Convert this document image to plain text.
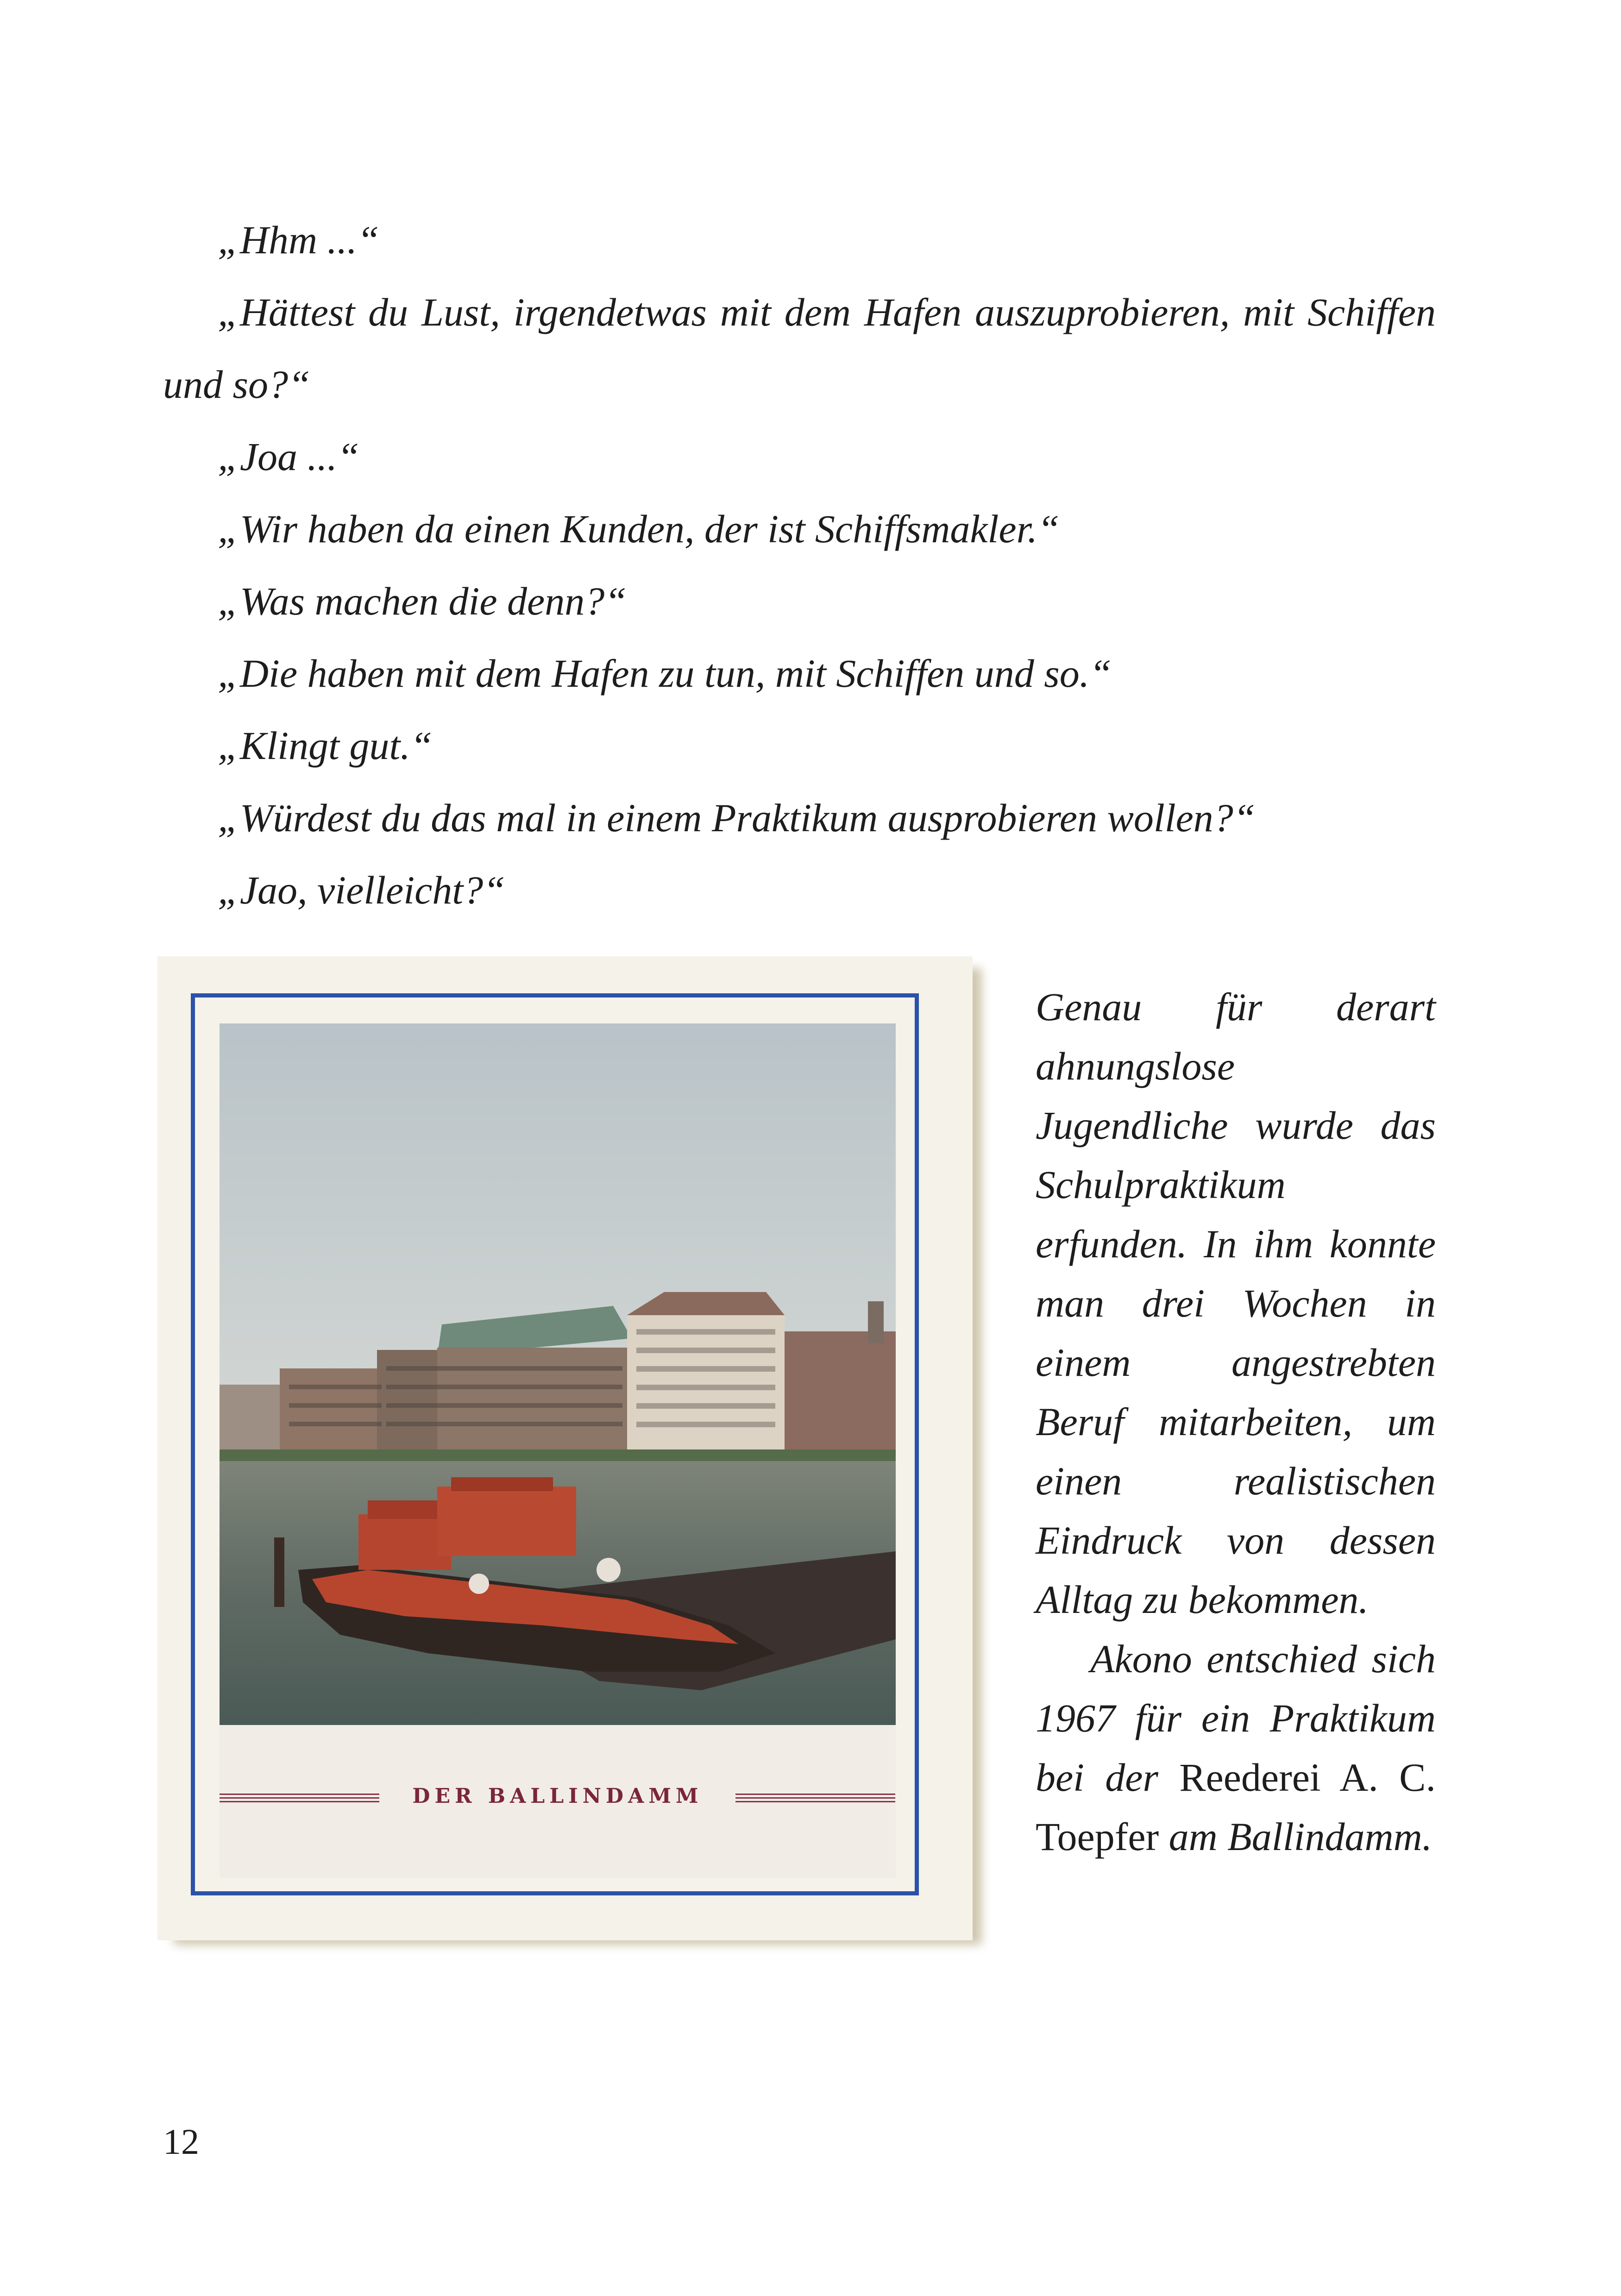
„Hhm ...“

„Hättest du Lust, irgendetwas mit dem Hafen auszuprobieren, mit Schiffen und so?“

„Joa ...“

„Wir haben da einen Kunden, der ist Schiffsmakler.“

„Was machen die denn?“

„Die haben mit dem Hafen zu tun, mit Schiffen und so.“

„Klingt gut.“

„Würdest du das mal in einem Praktikum ausprobieren wollen?“

„Jao, vielleicht?“

DER BALLINDAMM

Genau für derart ahnungslose Jugendliche wurde das Schulpraktikum erfunden. In ihm konnte man drei Wochen in einem angestrebten Beruf mitarbeiten, um einen realistischen Eindruck von dessen Alltag zu bekommen.

Akono entschied sich 1967 für ein Praktikum bei der Reederei A. C. Toepfer am Ballindamm.

12
